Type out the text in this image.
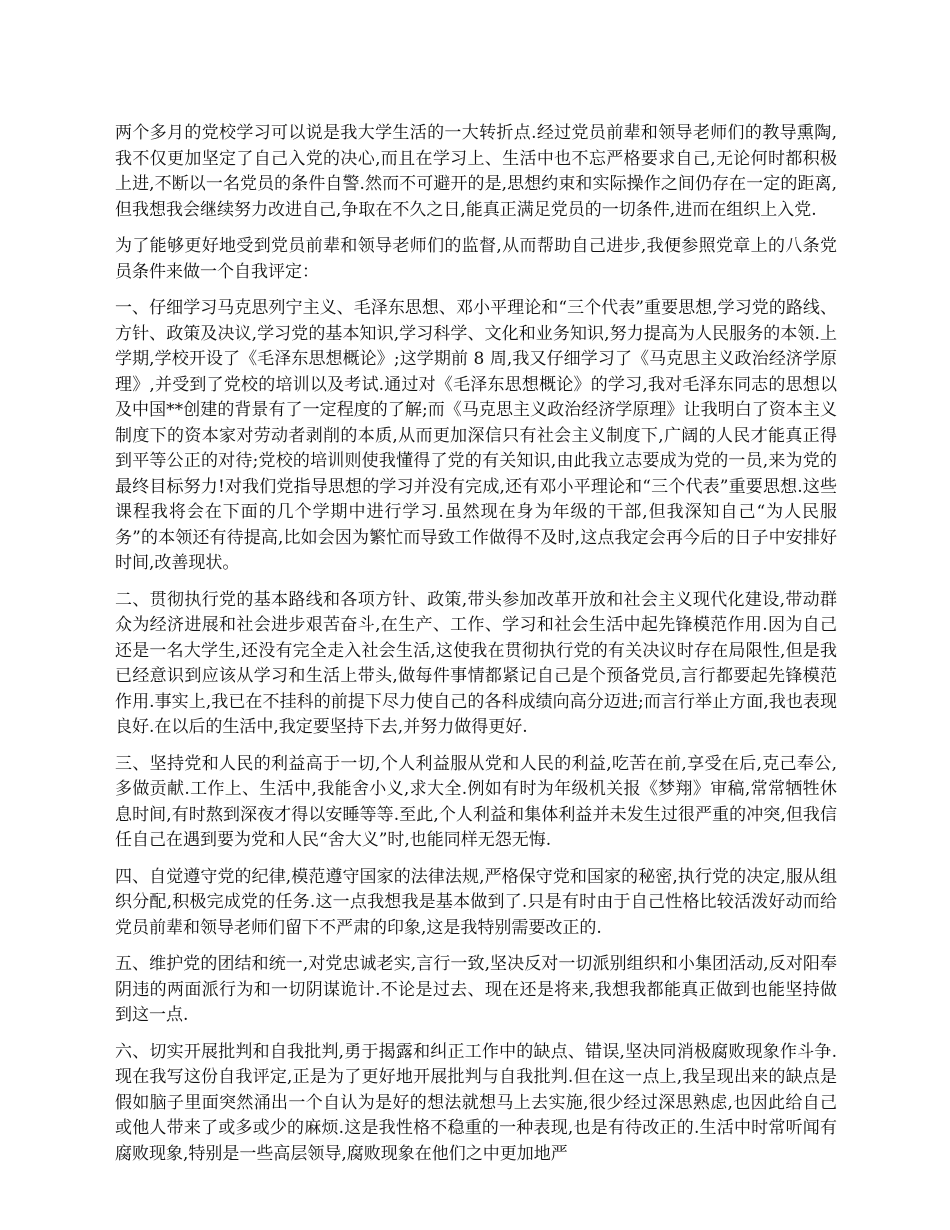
两个多月的党校学习可以说是我大学生活的一大转折点.经过党员前辈和领导老师们的教导熏陶,我不仅更加坚定了自己入党的决心,而且在学习上、生活中也不忘严格要求自己,无论何时都积极上进,不断以一名党员的条件自警.然而不可避开的是,思想约束和实际操作之间仍存在一定的距离,但我想我会继续努力改进自己,争取在不久之日,能真正满足党员的一切条件,进而在组织上入党.

为了能够更好地受到党员前辈和领导老师们的监督,从而帮助自己进步,我便参照党章上的八条党员条件来做一个自我评定：

一、仔细学习马克思列宁主义、毛泽东思想、邓小平理论和“三个代表”重要思想,学习党的路线、方针、政策及决议,学习党的基本知识,学习科学、文化和业务知识,努力提高为人民服务的本领.上学期,学校开设了《毛泽东思想概论》;这学期前 8 周,我又仔细学习了《马克思主义政治经济学原理》,并受到了党校的培训以及考试.通过对《毛泽东思想概论》的学习,我对毛泽东同志的思想以及中国**创建的背景有了一定程度的了解;而《马克思主义政治经济学原理》让我明白了资本主义制度下的资本家对劳动者剥削的本质,从而更加深信只有社会主义制度下,广阔的人民才能真正得到平等公正的对待;党校的培训则使我懂得了党的有关知识,由此我立志要成为党的一员,来为党的最终目标努力!对我们党指导思想的学习并没有完成,还有邓小平理论和“三个代表”重要思想.这些课程我将会在下面的几个学期中进行学习.虽然现在身为年级的干部,但我深知自己“为人民服务”的本领还有待提高,比如会因为繁忙而导致工作做得不及时,这点我定会再今后的日子中安排好时间,改善现状。

二、贯彻执行党的基本路线和各项方针、政策,带头参加改革开放和社会主义现代化建设,带动群众为经济进展和社会进步艰苦奋斗,在生产、工作、学习和社会生活中起先锋模范作用.因为自己还是一名大学生,还没有完全走入社会生活,这使我在贯彻执行党的有关决议时存在局限性,但是我已经意识到应该从学习和生活上带头,做每件事情都紧记自己是个预备党员,言行都要起先锋模范作用.事实上,我已在不挂科的前提下尽力使自己的各科成绩向高分迈进;而言行举止方面,我也表现良好.在以后的生活中,我定要坚持下去,并努力做得更好.

三、坚持党和人民的利益高于一切,个人利益服从党和人民的利益,吃苦在前,享受在后,克己奉公,多做贡献.工作上、生活中,我能舍小义,求大全.例如有时为年级机关报《梦翔》审稿,常常牺牲休息时间,有时熬到深夜才得以安睡等等.至此,个人利益和集体利益并未发生过很严重的冲突,但我信任自己在遇到要为党和人民“舍大义”时,也能同样无怨无悔.

四、自觉遵守党的纪律,模范遵守国家的法律法规,严格保守党和国家的秘密,执行党的决定,服从组织分配,积极完成党的任务.这一点我想我是基本做到了.只是有时由于自己性格比较活泼好动而给党员前辈和领导老师们留下不严肃的印象,这是我特别需要改正的.

五、维护党的团结和统一,对党忠诚老实,言行一致,坚决反对一切派别组织和小集团活动,反对阳奉阴违的两面派行为和一切阴谋诡计.不论是过去、现在还是将来,我想我都能真正做到也能坚持做到这一点.

六、切实开展批判和自我批判,勇于揭露和纠正工作中的缺点、错误,坚决同消极腐败现象作斗争.现在我写这份自我评定,正是为了更好地开展批判与自我批判.但在这一点上,我呈现出来的缺点是假如脑子里面突然涌出一个自认为是好的想法就想马上去实施,很少经过深思熟虑,也因此给自己或他人带来了或多或少的麻烦.这是我性格不稳重的一种表现,也是有待改正的.生活中时常听闻有腐败现象,特别是一些高层领导,腐败现象在他们之中更加地严
